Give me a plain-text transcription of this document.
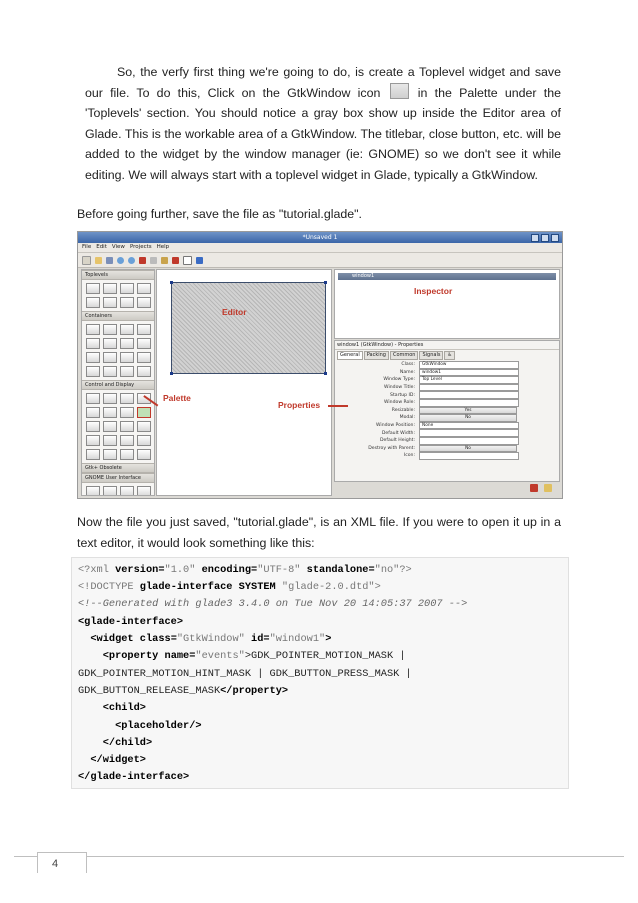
So, the verfy first thing we're going to do, is create a Toplevel widget and save our file. To do this, Click on the GtkWindow icon	in the Palette under the 'Toplevels' section. You should notice a gray box show up inside the Editor area of Glade. This is the workable area of a GtkWindow. The titlebar, close button, etc. will be added to the widget by the window manager (ie: GNOME) so we don't see it while editing. We will always start with a toplevel widget in Glade, typically a GtkWindow.
Before going further, save the file as "tutorial.glade".
*Unsaved 1
File Edit View Projects Help
Toplevels
Containers
Control and Display
Gtk+ Obsolete
GNOME User Interface
window1
window1 (GtkWindow) - Properties
General	Packing	Common	Signals	♿
Class:	GtkWindow
Name:	window1
Window Type:	Top Level
Window Title:
Startup ID:
Window Role:
Resizable:	Yes
Modal:	No
Window Position:	None
Default Width:
Default Height:
Destroy with Parent:	No
Icon:
Editor
Inspector
Palette
Properties
Now the file you just saved, "tutorial.glade", is an XML file. If you were to open it up in a text editor, it would look something like this:
<?xml version="1.0" encoding="UTF-8" standalone="no"?>
<!DOCTYPE glade-interface SYSTEM "glade-2.0.dtd">
<!--Generated with glade3 3.4.0 on Tue Nov 20 14:05:37 2007 -->
<glade-interface>
<widget class="GtkWindow" id="window1">
<property name="events">GDK_POINTER_MOTION_MASK |
GDK_POINTER_MOTION_HINT_MASK | GDK_BUTTON_PRESS_MASK |
GDK_BUTTON_RELEASE_MASK</property>
<child>
<placeholder/>
</child>
</widget>
</glade-interface>
4
